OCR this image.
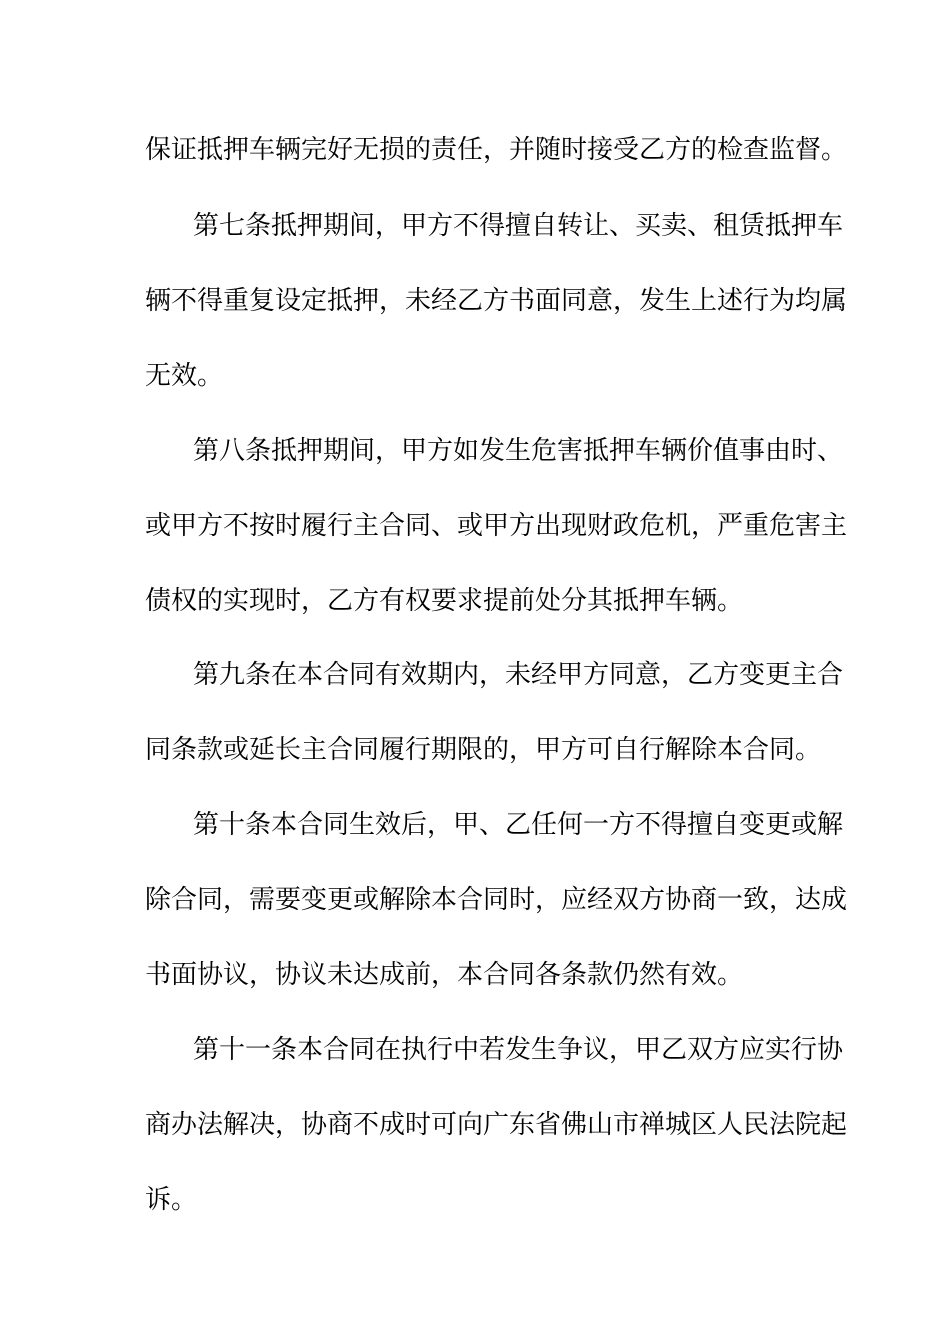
保证抵押车辆完好无损的责任，并随时接受乙方的检查监督。
第七条抵押期间，甲方不得擅自转让、买卖、租赁抵押车
辆不得重复设定抵押，未经乙方书面同意，发生上述行为均属
无效。
第八条抵押期间，甲方如发生危害抵押车辆价值事由时、
或甲方不按时履行主合同、或甲方出现财政危机，严重危害主
债权的实现时，乙方有权要求提前处分其抵押车辆。
第九条在本合同有效期内，未经甲方同意，乙方变更主合
同条款或延长主合同履行期限的，甲方可自行解除本合同。
第十条本合同生效后，甲、乙任何一方不得擅自变更或解
除合同，需要变更或解除本合同时，应经双方协商一致，达成
书面协议，协议未达成前，本合同各条款仍然有效。
第十一条本合同在执行中若发生争议，甲乙双方应实行协
商办法解决，协商不成时可向广东省佛山市禅城区人民法院起
诉。
